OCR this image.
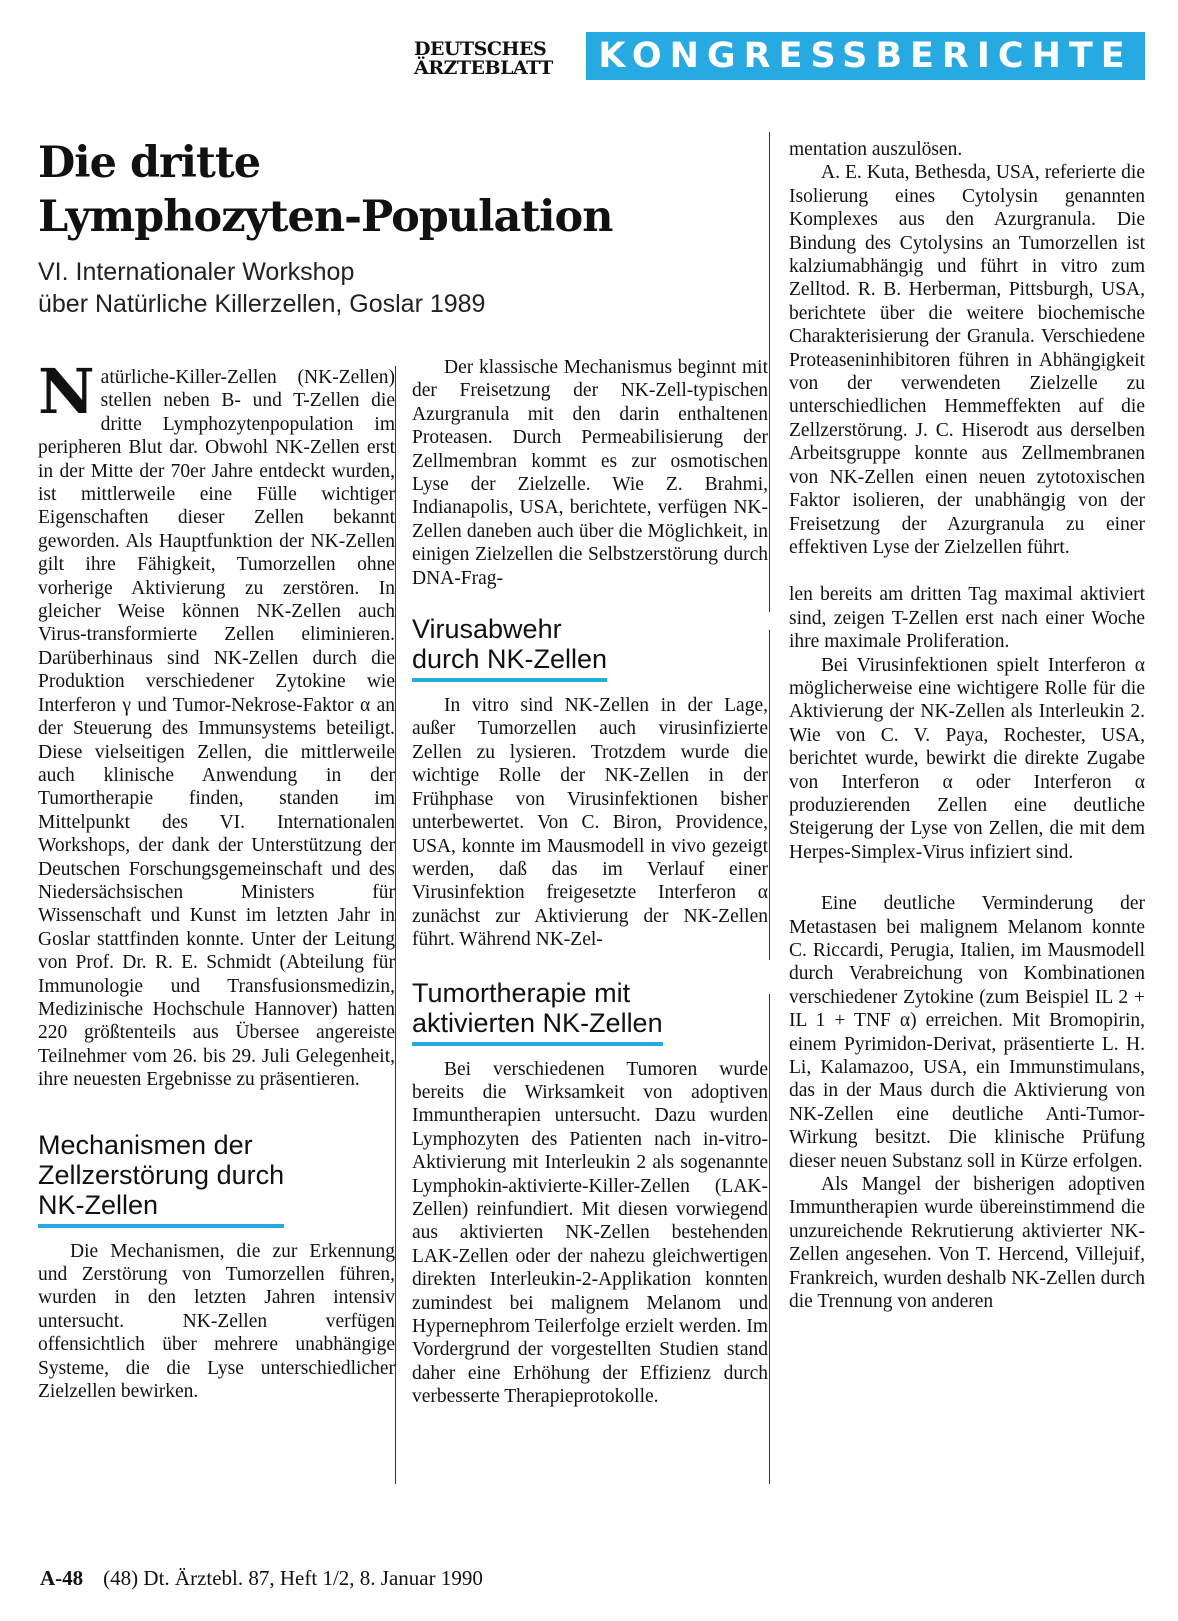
DEUTSCHES
ÄRZTEBLATT	KONGRESSBERICHTE
Die dritte
Lymphozyten-Population
VI. Internationaler Workshop
über Natürliche Killerzellen, Goslar 1989

Natürliche-Killer-Zellen (NK-Zellen) stellen neben B- und T-Zellen die dritte Lymphozytenpopulation im peripheren Blut dar. Obwohl NK-Zellen erst in der Mitte der 70er Jahre entdeckt wurden, ist mittlerweile eine Fülle wichtiger Eigenschaften dieser Zellen bekannt geworden. Als Hauptfunktion der NK-Zellen gilt ihre Fähigkeit, Tumorzellen ohne vorherige Aktivierung zu zerstören. In gleicher Weise können NK-Zellen auch Virus-transformierte Zellen eliminieren. Darüberhinaus sind NK-Zellen durch die Produktion verschiedener Zytokine wie Interferon γ und Tumor-Nekrose-Faktor α an der Steuerung des Immunsystems beteiligt. Diese vielseitigen Zellen, die mittlerweile auch klinische Anwendung in der Tumortherapie finden, standen im Mittelpunkt des VI. Internationalen Workshops, der dank der Unterstützung der Deutschen Forschungsgemeinschaft und des Niedersächsischen Ministers für Wissenschaft und Kunst im letzten Jahr in Goslar stattfinden konnte. Unter der Leitung von Prof. Dr. R. E. Schmidt (Abteilung für Immunologie und Transfusionsmedizin, Medizinische Hochschule Hannover) hatten 220 größtenteils aus Übersee angereiste Teilnehmer vom 26. bis 29. Juli Gelegenheit, ihre neuesten Ergebnisse zu präsentieren.

Mechanismen der
Zellzerstörung durch
NK-Zellen

Die Mechanismen, die zur Erkennung und Zerstörung von Tumorzellen führen, wurden in den letzten Jahren intensiv untersucht. NK-Zellen verfügen offensichtlich über mehrere unabhängige Systeme, die die Lyse unterschiedlicher Zielzellen bewirken.

Der klassische Mechanismus beginnt mit der Freisetzung der NK-Zell-typischen Azurgranula mit den darin enthaltenen Proteasen. Durch Permeabilisierung der Zellmembran kommt es zur osmotischen Lyse der Zielzelle. Wie Z. Brahmi, Indianapolis, USA, berichtete, verfügen NK-Zellen daneben auch über die Möglichkeit, in einigen Zielzellen die Selbstzerstörung durch DNA-Frag-

Virusabwehr
durch NK-Zellen

In vitro sind NK-Zellen in der Lage, außer Tumorzellen auch virusinfizierte Zellen zu lysieren. Trotzdem wurde die wichtige Rolle der NK-Zellen in der Frühphase von Virusinfektionen bisher unterbewertet. Von C. Biron, Providence, USA, konnte im Mausmodell in vivo gezeigt werden, daß das im Verlauf einer Virusinfektion freigesetzte Interferon α zunächst zur Aktivierung der NK-Zellen führt. Während NK-Zel-

Tumortherapie mit
aktivierten NK-Zellen

Bei verschiedenen Tumoren wurde bereits die Wirksamkeit von adoptiven Immuntherapien untersucht. Dazu wurden Lymphozyten des Patienten nach in-vitro-Aktivierung mit Interleukin 2 als sogenannte Lymphokin-aktivierte-Killer-Zellen (LAK-Zellen) reinfundiert. Mit diesen vorwiegend aus aktivierten NK-Zellen bestehenden LAK-Zellen oder der nahezu gleichwertigen direkten Interleukin-2-Applikation konnten zumindest bei malignem Melanom und Hypernephrom Teilerfolge erzielt werden. Im Vordergrund der vorgestellten Studien stand daher eine Erhöhung der Effizienz durch verbesserte Therapieprotokolle.

mentation auszulösen.

A. E. Kuta, Bethesda, USA, referierte die Isolierung eines Cytolysin genannten Komplexes aus den Azurgranula. Die Bindung des Cytolysins an Tumorzellen ist kalziumabhängig und führt in vitro zum Zelltod. R. B. Herberman, Pittsburgh, USA, berichtete über die weitere biochemische Charakterisierung der Granula. Verschiedene Proteaseninhibitoren führen in Abhängigkeit von der verwendeten Zielzelle zu unterschiedlichen Hemmeffekten auf die Zellzerstörung. J. C. Hiserodt aus derselben Arbeitsgruppe konnte aus Zellmembranen von NK-Zellen einen neuen zytotoxischen Faktor isolieren, der unabhängig von der Freisetzung der Azurgranula zu einer effektiven Lyse der Zielzellen führt.

len bereits am dritten Tag maximal aktiviert sind, zeigen T-Zellen erst nach einer Woche ihre maximale Proliferation.

Bei Virusinfektionen spielt Interferon α möglicherweise eine wichtigere Rolle für die Aktivierung der NK-Zellen als Interleukin 2. Wie von C. V. Paya, Rochester, USA, berichtet wurde, bewirkt die direkte Zugabe von Interferon α oder Interferon α produzierenden Zellen eine deutliche Steigerung der Lyse von Zellen, die mit dem Herpes-Simplex-Virus infiziert sind.

Eine deutliche Verminderung der Metastasen bei malignem Melanom konnte C. Riccardi, Perugia, Italien, im Mausmodell durch Verabreichung von Kombinationen verschiedener Zytokine (zum Beispiel IL 2 + IL 1 + TNF α) erreichen. Mit Bromopirin, einem Pyrimidon-Derivat, präsentierte L. H. Li, Kalamazoo, USA, ein Immunstimulans, das in der Maus durch die Aktivierung von NK-Zellen eine deutliche Anti-Tumor-Wirkung besitzt. Die klinische Prüfung dieser neuen Substanz soll in Kürze erfolgen.

Als Mangel der bisherigen adoptiven Immuntherapien wurde übereinstimmend die unzureichende Rekrutierung aktivierter NK-Zellen angesehen. Von T. Hercend, Villejuif, Frankreich, wurden deshalb NK-Zellen durch die Trennung von anderen

A-48 (48) Dt. Ärztebl. 87, Heft 1/2, 8. Januar 1990
